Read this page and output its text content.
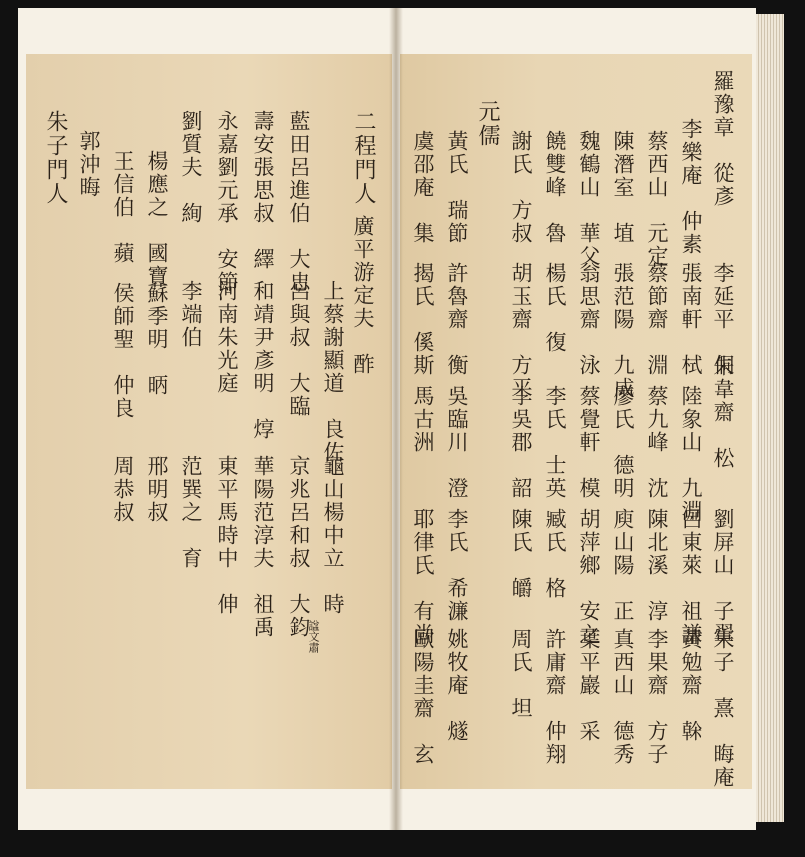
二程門人
廣平游定夫　酢
上蔡謝顯道　良佐
龜山楊中立　時
諡文肅
藍田呂進伯　大忠
呂與叔　大臨
京兆呂和叔　大鈞
壽安張思叔　繹
和靖尹彥明　焞
華陽范淳夫　祖禹
永嘉劉元承　安節
河南朱光庭
東平馬時中　伸
劉質夫　絢
李端伯
范巽之　育
楊應之　國寶
蘇季明　昞
邢明叔
王信伯　蘋
侯師聖　仲良
周恭叔
郭沖晦
朱子門人	羅豫章　從彥
李延平　侗
朱韋齋　松
劉屏山　子翬
朱子　熹　晦庵
李樂庵　仲素
張南軒　栻
陸象山　九淵
呂東萊　祖謙
黃勉齋　榦
蔡西山　元定
蔡節齋　淵
蔡九峰　沈
陳北溪　淳
李果齋　方子
陳潛室　埴
張范陽　九成
廖氏　德明
庾山陽　正
真西山　德秀
魏鶴山　華父
翁思齋　泳
蔡覺軒　模
胡萍鄉　安之
葉平巖　采
饒雙峰　魯
楊氏　復
李氏　士英
臧氏　格
許庸齋　仲翔
謝氏　方叔
胡玉齋　方平
李吳郡　韶
陳氏　皭
周氏　坦
元儒
黃氏　瑞節
許魯齋　衡
吳臨川　澄
李氏　希濂
姚牧庵　燧
虞邵庵　集
揭氏　傒斯
馬古洲
耶律氏　有尚
歐陽圭齋　玄
